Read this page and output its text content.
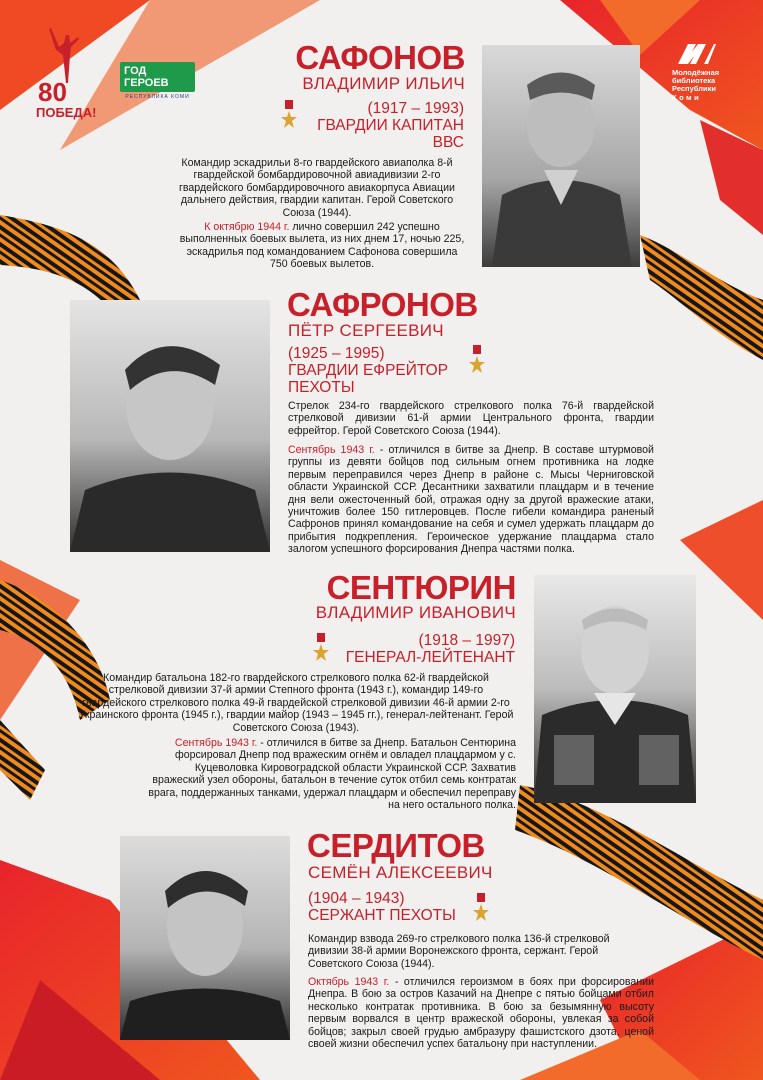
80
ПОБЕДА!
ГОД ГЕРОЕВ
РЕСПУБЛИКА КОМИ
Молодёжная
библиотека
Республики
Коми
САФОНОВ
ВЛАДИМИР ИЛЬИЧ
(1917 – 1993)
ГВАРДИИ КАПИТАН
ВВС
Командир эскадрильи 8-го гвардейского авиаполка 8-й гвардейской бомбардировочной авиадивизии 2-го гвардейского бомбардировочного авиакорпуса Авиации дальнего действия, гвардии капитан. Герой Советского Союза (1944).
К октябрю 1944 г. лично совершил 242 успешно выполненных боевых вылета, из них днем 17, ночью 225, эскадрилья под командованием Сафонова совершила 750 боевых вылетов.
САФРОНОВ
ПЁТР СЕРГЕЕВИЧ
(1925 – 1995)
ГВАРДИИ ЕФРЕЙТОР
ПЕХОТЫ
Стрелок 234-го гвардейского стрелкового полка 76-й гвардейской стрелковой дивизии 61-й армии Центрального фронта, гвардии ефрейтор. Герой Советского Союза (1944).
Сентябрь 1943 г. - отличился в битве за Днепр. В составе штурмовой группы из девяти бойцов под сильным огнем противника на лодке первым переправился через Днепр в районе с. Мысы Черниговской области Украинской ССР. Десантники захватили плацдарм и в течение дня вели ожесточенный бой, отражая одну за другой вражеские атаки, уничтожив более 150 гитлеровцев. После гибели командира раненый Сафронов принял командование на себя и сумел удержать плацдарм до прибытия подкрепления. Героическое удержание плацдарма стало залогом успешного форсирования Днепра частями полка.
СЕНТЮРИН
ВЛАДИМИР ИВАНОВИЧ
(1918 – 1997)
ГЕНЕРАЛ-ЛЕЙТЕНАНТ
Командир батальона 182-го гвардейского стрелкового полка 62-й гвардейской стрелковой дивизии 37-й армии Степного фронта (1943 г.), командир 149-го гвардейского стрелкового полка 49-й гвардейской стрелковой дивизии 46-й армии 2-го Украинского фронта (1945 г.), гвардии майор (1943 – 1945 гг.), генерал-лейтенант. Герой Советского Союза (1943).
Сентябрь 1943 г. - отличился в битве за Днепр. Батальон Сентюрина форсировал Днепр под вражеским огнём и овладел плацдармом у с. Куцеволовка Кировоградской области Украинской ССР. Захватив вражеский узел обороны, батальон в течение суток отбил семь контратак врага, поддержанных танками, удержал плацдарм и обеспечил переправу на него остального полка.
СЕРДИТОВ
СЕМЁН АЛЕКСЕЕВИЧ
(1904 – 1943)
СЕРЖАНТ ПЕХОТЫ
Командир взвода 269-го стрелкового полка 136-й стрелковой дивизии 38-й армии Воронежского фронта, сержант. Герой Советского Союза (1944).
Октябрь 1943 г. - отличился героизмом в боях при форсировании Днепра. В бою за остров Казачий на Днепре с пятью бойцами отбил несколько контратак противника. В бою за безымянную высоту первым ворвался в центр вражеской обороны, увлекая за собой бойцов; закрыл своей грудью амбразуру фашистского дзота, ценой своей жизни обеспечил успех батальону при наступлении.
